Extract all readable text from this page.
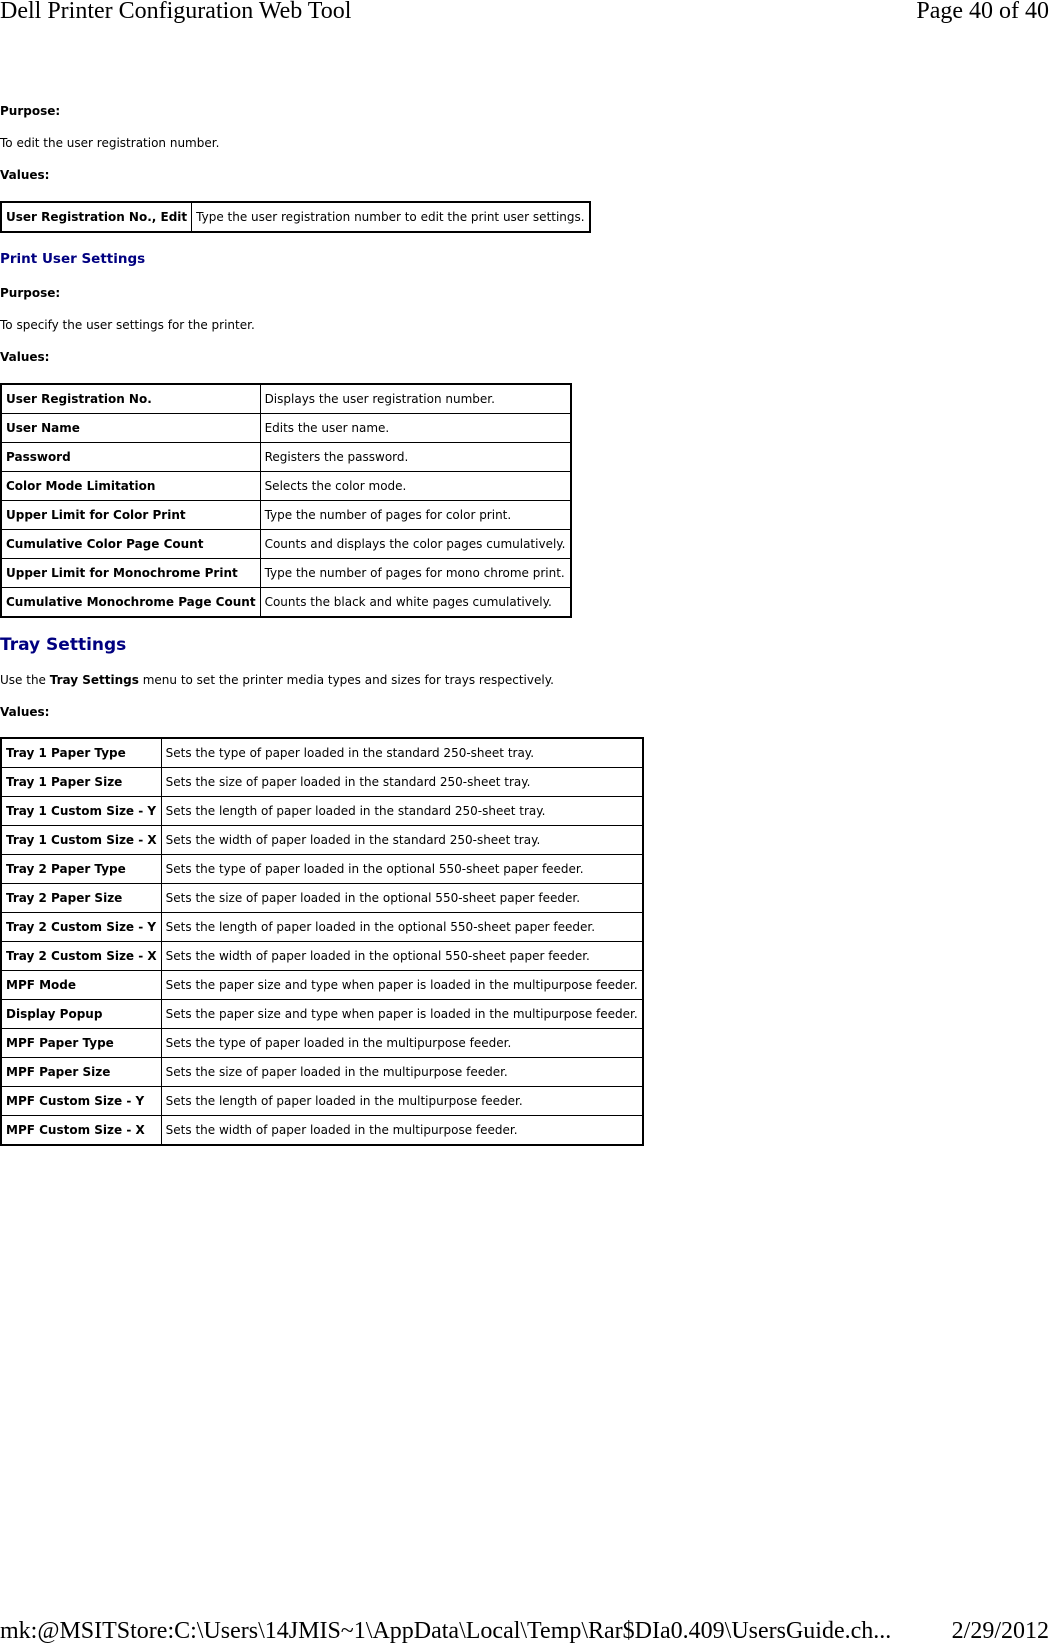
Dell Printer Configuration Web Tool	Page 40 of 40
Purpose:
To edit the user registration number.
Values:
User Registration No., Edit	Type the user registration number to edit the print user settings.
Print User Settings
Purpose:
To specify the user settings for the printer.
Values:
User Registration No.	Displays the user registration number.
User Name	Edits the user name.
Password	Registers the password.
Color Mode Limitation	Selects the color mode.
Upper Limit for Color Print	Type the number of pages for color print.
Cumulative Color Page Count	Counts and displays the color pages cumulatively.
Upper Limit for Monochrome Print	Type the number of pages for mono chrome print.
Cumulative Monochrome Page Count	Counts the black and white pages cumulatively.
Tray Settings
Use the Tray Settings menu to set the printer media types and sizes for trays respectively.
Values:
Tray 1 Paper Type	Sets the type of paper loaded in the standard 250-sheet tray.
Tray 1 Paper Size	Sets the size of paper loaded in the standard 250-sheet tray.
Tray 1 Custom Size - Y	Sets the length of paper loaded in the standard 250-sheet tray.
Tray 1 Custom Size - X	Sets the width of paper loaded in the standard 250-sheet tray.
Tray 2 Paper Type	Sets the type of paper loaded in the optional 550-sheet paper feeder.
Tray 2 Paper Size	Sets the size of paper loaded in the optional 550-sheet paper feeder.
Tray 2 Custom Size - Y	Sets the length of paper loaded in the optional 550-sheet paper feeder.
Tray 2 Custom Size - X	Sets the width of paper loaded in the optional 550-sheet paper feeder.
MPF Mode	Sets the paper size and type when paper is loaded in the multipurpose feeder.
Display Popup	Sets the paper size and type when paper is loaded in the multipurpose feeder.
MPF Paper Type	Sets the type of paper loaded in the multipurpose feeder.
MPF Paper Size	Sets the size of paper loaded in the multipurpose feeder.
MPF Custom Size - Y	Sets the length of paper loaded in the multipurpose feeder.
MPF Custom Size - X	Sets the width of paper loaded in the multipurpose feeder.
mk:@MSITStore:C:\Users\14JMIS~1\AppData\Local\Temp\Rar$DIa0.409\UsersGuide.ch...	2/29/2012
